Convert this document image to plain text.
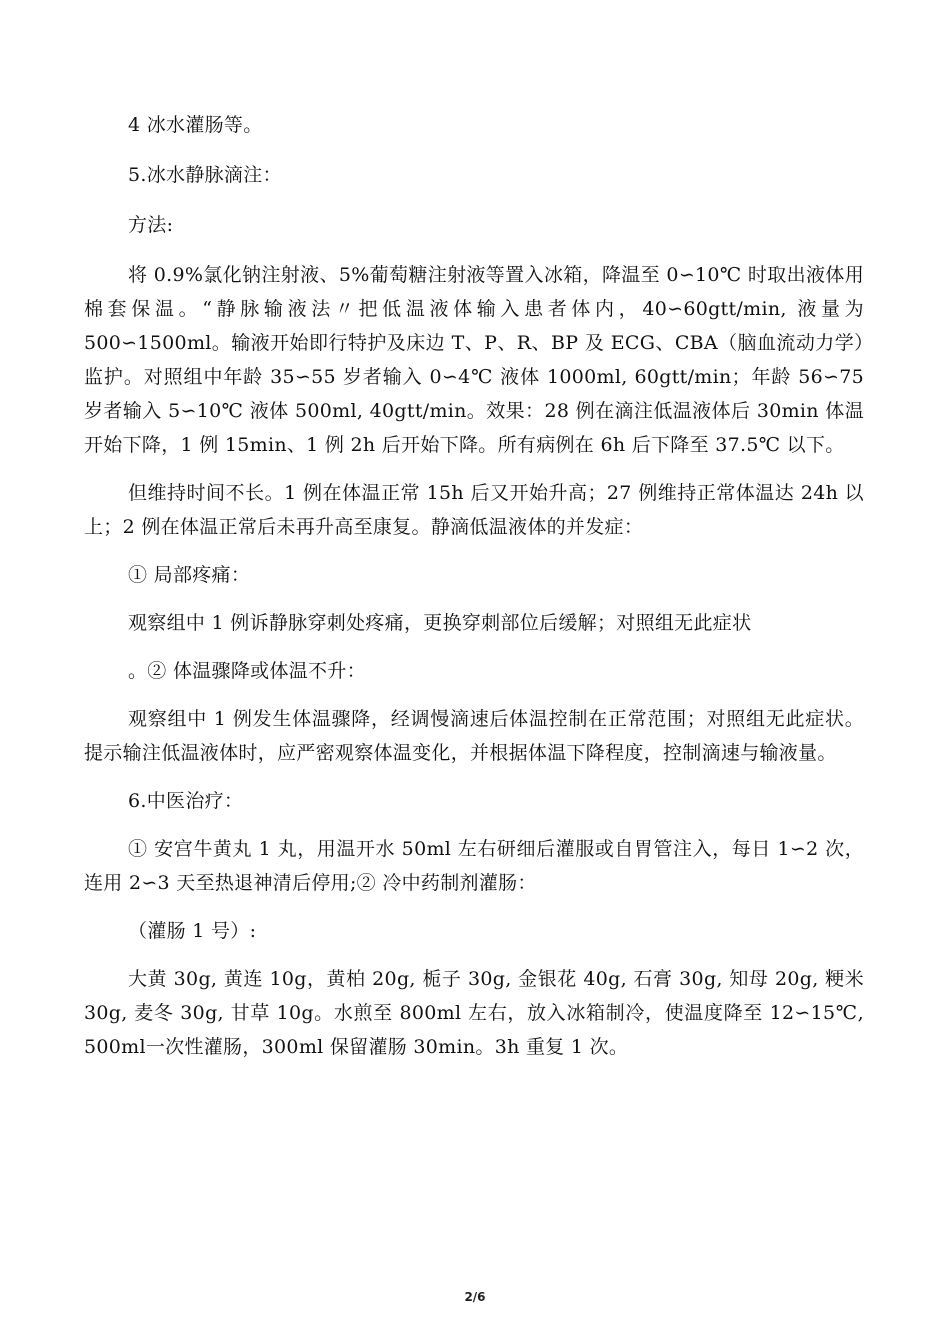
4 冰水灌肠等。

5.冰水静脉滴注：

方法:

将 0.9%氯化钠注射液、5%葡萄糖注射液等置入冰箱，降温至 0∽10℃ 时取出液体用棉套保温。“静脉输液法〃把低温液体输入患者体内，40∽60gtt/min, 液量为 500∽1500ml。输液开始即行特护及床边 T、P、R、BP 及 ECG、CBA（脑血流动力学）监护。对照组中年龄 35∽55 岁者输入 0∽4℃ 液体 1000ml, 60gtt/min；年龄 56∽75 岁者输入 5∽10℃ 液体 500ml, 40gtt/min。效果：28 例在滴注低温液体后 30min 体温开始下降，1 例 15min、1 例 2h 后开始下降。所有病例在 6h 后下降至 37.5℃ 以下。

但维持时间不长。1 例在体温正常 15h 后又开始升高；27 例维持正常体温达 24h 以上；2 例在体温正常后未再升高至康复。静滴低温液体的并发症：

① 局部疼痛：

观察组中 1 例诉静脉穿刺处疼痛，更换穿刺部位后缓解；对照组无此症状

。② 体温骤降或体温不升：

观察组中 1 例发生体温骤降，经调慢滴速后体温控制在正常范围；对照组无此症状。提示输注低温液体时，应严密观察体温变化，并根据体温下降程度，控制滴速与输液量。

6.中医治疗：

① 安宫牛黄丸 1 丸，用温开水 50ml 左右研细后灌服或自胃管注入，每日 1∽2 次，连用 2∽3 天至热退神清后停用;② 冷中药制剂灌肠：

（灌肠 1 号）:

大黄 30g, 黄连 10g，黄柏 20g, 栀子 30g, 金银花 40g, 石膏 30g, 知母 20g, 粳米 30g, 麦冬 30g, 甘草 10g。水煎至 800ml 左右，放入冰箱制冷，使温度降至 12∽15℃, 500ml一次性灌肠，300ml 保留灌肠 30min。3h 重复 1 次。

2/6
